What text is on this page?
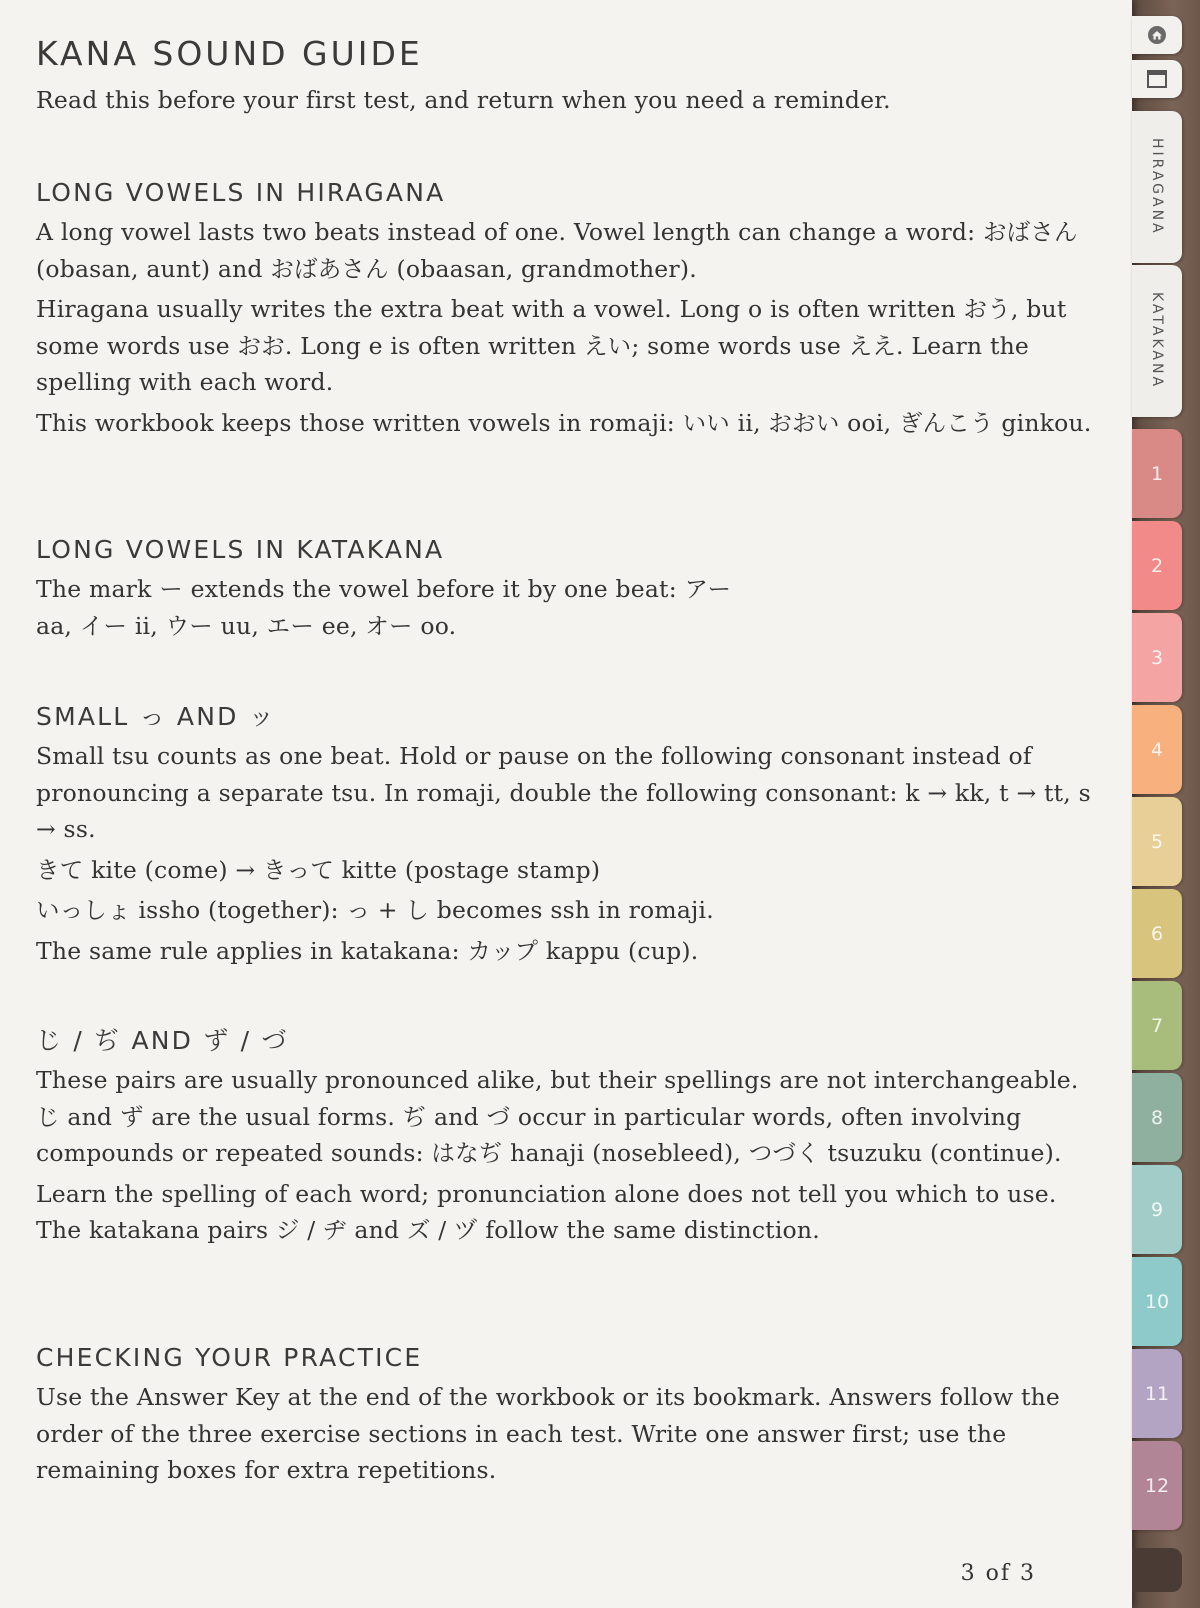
KANA SOUND GUIDE

Read this before your first test, and return when you need a reminder.

LONG VOWELS IN HIRAGANA

A long vowel lasts two beats instead of one. Vowel length can change a word: おばさん (obasan, aunt) and おばあさん (obaasan, grandmother).

Hiragana usually writes the extra beat with a vowel. Long o is often written おう, but some words use おお. Long e is often written えい; some words use ええ. Learn the spelling with each word.

This workbook keeps those written vowels in romaji: いい ii, おおい ooi, ぎんこう ginkou.

LONG VOWELS IN KATAKANA

The mark ー extends the vowel before it by one beat: アー aa, イー ii, ウー uu, エー ee, オー oo.

SMALL っ AND ッ

Small tsu counts as one beat. Hold or pause on the following consonant instead of pronouncing a separate tsu. In romaji, double the following consonant: k → kk, t → tt, s → ss.

きて kite (come) → きって kitte (postage stamp)

いっしょ issho (together): っ + し becomes ssh in romaji.

The same rule applies in katakana: カップ kappu (cup).

じ / ぢ AND ず / づ

These pairs are usually pronounced alike, but their spellings are not interchangeable. じ and ず are the usual forms. ぢ and づ occur in particular words, often involving compounds or repeated sounds: はなぢ hanaji (nosebleed), つづく tsuzuku (continue).

Learn the spelling of each word; pronunciation alone does not tell you which to use. The katakana pairs ジ / ヂ and ズ / ヅ follow the same distinction.

CHECKING YOUR PRACTICE

Use the Answer Key at the end of the workbook or its bookmark. Answers follow the order of the three exercise sections in each test. Write one answer first; use the remaining boxes for extra repetitions.

3 of 3
HIRAGANA
KATAKANA
1
2
3
4
5
6
7
8
9
10
11
12
